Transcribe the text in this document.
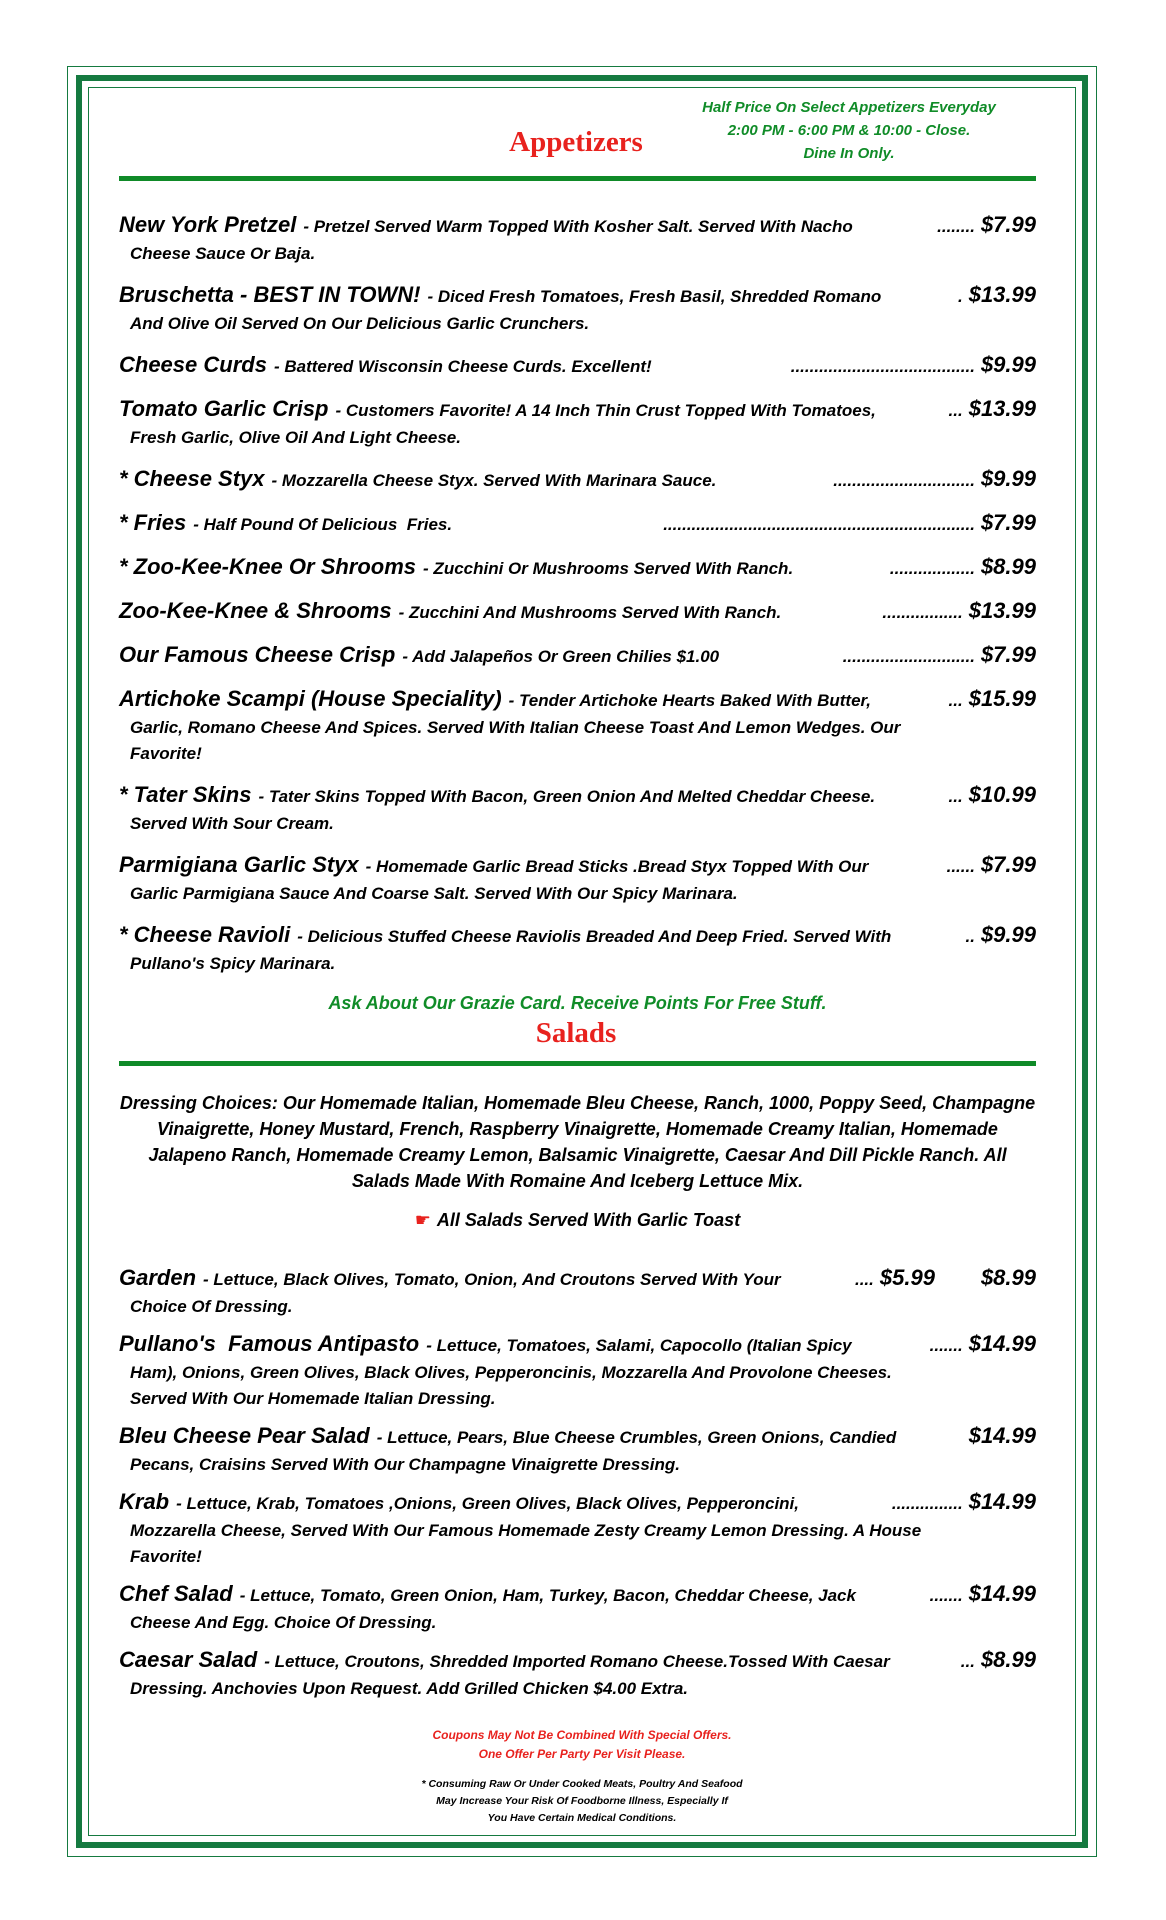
Half Price On Select Appetizers Everyday
2:00 PM - 6:00 PM & 10:00 - Close.
Dine In Only.
Appetizers
New York Pretzel - Pretzel Served Warm Topped With Kosher Salt. Served With Nacho	........ $7.99
Cheese Sauce Or Baja.
Bruschetta - BEST IN TOWN! - Diced Fresh Tomatoes, Fresh Basil, Shredded Romano	. $13.99
And Olive Oil Served On Our Delicious Garlic Crunchers.
Cheese Curds - Battered Wisconsin Cheese Curds. Excellent!	....................................... $9.99
Tomato Garlic Crisp - Customers Favorite! A 14 Inch Thin Crust Topped With Tomatoes,	... $13.99
Fresh Garlic, Olive Oil And Light Cheese.
* Cheese Styx - Mozzarella Cheese Styx. Served With Marinara Sauce.	.............................. $9.99
* Fries - Half Pound Of Delicious  Fries.	.................................................................. $7.99
* Zoo-Kee-Knee Or Shrooms - Zucchini Or Mushrooms Served With Ranch.	.................. $8.99
Zoo-Kee-Knee & Shrooms - Zucchini And Mushrooms Served With Ranch.	................. $13.99
Our Famous Cheese Crisp - Add Jalapeños Or Green Chilies $1.00	............................ $7.99
Artichoke Scampi (House Speciality) - Tender Artichoke Hearts Baked With Butter,	... $15.99
Garlic, Romano Cheese And Spices. Served With Italian Cheese Toast And Lemon Wedges. Our Favorite!
* Tater Skins - Tater Skins Topped With Bacon, Green Onion And Melted Cheddar Cheese.	... $10.99
Served With Sour Cream.
Parmigiana Garlic Styx - Homemade Garlic Bread Sticks .Bread Styx Topped With Our	...... $7.99
Garlic Parmigiana Sauce And Coarse Salt. Served With Our Spicy Marinara.
* Cheese Ravioli - Delicious Stuffed Cheese Raviolis Breaded And Deep Fried. Served With	.. $9.99
Pullano's Spicy Marinara.
Ask About Our Grazie Card. Receive Points For Free Stuff.
Salads
Dressing Choices: Our Homemade Italian, Homemade Bleu Cheese, Ranch, 1000, Poppy Seed, Champagne Vinaigrette, Honey Mustard, French, Raspberry Vinaigrette, Homemade Creamy Italian, Homemade Jalapeno Ranch, Homemade Creamy Lemon, Balsamic Vinaigrette, Caesar And Dill Pickle Ranch. All Salads Made With Romaine And Iceberg Lettuce Mix.
☛ All Salads Served With Garlic Toast
Garden - Lettuce, Black Olives, Tomato, Onion, And Croutons Served With Your	.... $5.99 $8.99
Choice Of Dressing.
Pullano's  Famous Antipasto - Lettuce, Tomatoes, Salami, Capocollo (Italian Spicy	....... $14.99
Ham), Onions, Green Olives, Black Olives, Pepperoncinis, Mozzarella And Provolone Cheeses. Served With Our Homemade Italian Dressing.
Bleu Cheese Pear Salad - Lettuce, Pears, Blue Cheese Crumbles, Green Onions, Candied	$14.99
Pecans, Craisins Served With Our Champagne Vinaigrette Dressing.
Krab - Lettuce, Krab, Tomatoes ,Onions, Green Olives, Black Olives, Pepperoncini,	............... $14.99
Mozzarella Cheese, Served With Our Famous Homemade Zesty Creamy Lemon Dressing. A House Favorite!
Chef Salad - Lettuce, Tomato, Green Onion, Ham, Turkey, Bacon, Cheddar Cheese, Jack	....... $14.99
Cheese And Egg. Choice Of Dressing.
Caesar Salad - Lettuce, Croutons, Shredded Imported Romano Cheese.Tossed With Caesar	... $8.99
Dressing. Anchovies Upon Request. Add Grilled Chicken $4.00 Extra.
Coupons May Not Be Combined With Special Offers.
One Offer Per Party Per Visit Please.
* Consuming Raw Or Under Cooked Meats, Poultry And Seafood
May Increase Your Risk Of Foodborne Illness, Especially If
You Have Certain Medical Conditions.
